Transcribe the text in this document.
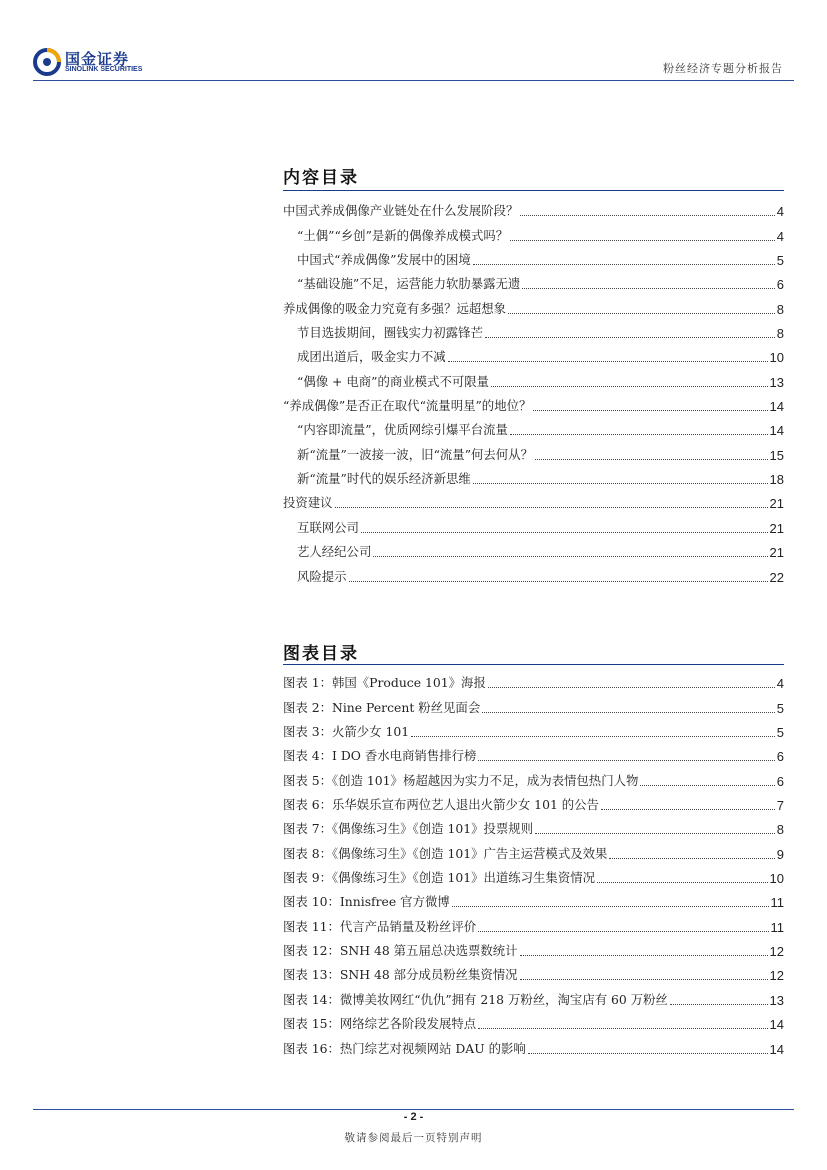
国金证券
SINOLINK SECURITIES	粉丝经济专题分析报告
内容目录
中国式养成偶像产业链处在什么发展阶段？	4
“土偶”“乡创”是新的偶像养成模式吗？	4
中国式“养成偶像”发展中的困境	5
“基础设施”不足，运营能力软肋暴露无遗	6
养成偶像的吸金力究竟有多强？远超想象	8
节目选拔期间，圈钱实力初露锋芒	8
成团出道后，吸金实力不减	10
“偶像 + 电商”的商业模式不可限量	13
“养成偶像”是否正在取代“流量明星”的地位？	14
“内容即流量”，优质网综引爆平台流量	14
新“流量”一波接一波，旧“流量”何去何从？	15
新“流量”时代的娱乐经济新思维	18
投资建议	21
互联网公司	21
艺人经纪公司	21
风险提示	22
图表目录
图表 1：韩国《Produce 101》海报	4
图表 2：Nine Percent 粉丝见面会	5
图表 3：火箭少女 101	5
图表 4：I DO 香水电商销售排行榜	6
图表 5：《创造 101》杨超越因为实力不足，成为表情包热门人物	6
图表 6：乐华娱乐宣布两位艺人退出火箭少女 101 的公告	7
图表 7：《偶像练习生》《创造 101》投票规则	8
图表 8：《偶像练习生》《创造 101》广告主运营模式及效果	9
图表 9：《偶像练习生》《创造 101》出道练习生集资情况	10
图表 10：Innisfree 官方微博	11
图表 11：代言产品销量及粉丝评价	11
图表 12：SNH 48 第五届总决选票数统计	12
图表 13：SNH 48 部分成员粉丝集资情况	12
图表 14：微博美妆网红“仇仇”拥有 218 万粉丝，淘宝店有 60 万粉丝	13
图表 15：网络综艺各阶段发展特点	14
图表 16：热门综艺对视频网站 DAU 的影响	14
- 2 -
敬请参阅最后一页特别声明
